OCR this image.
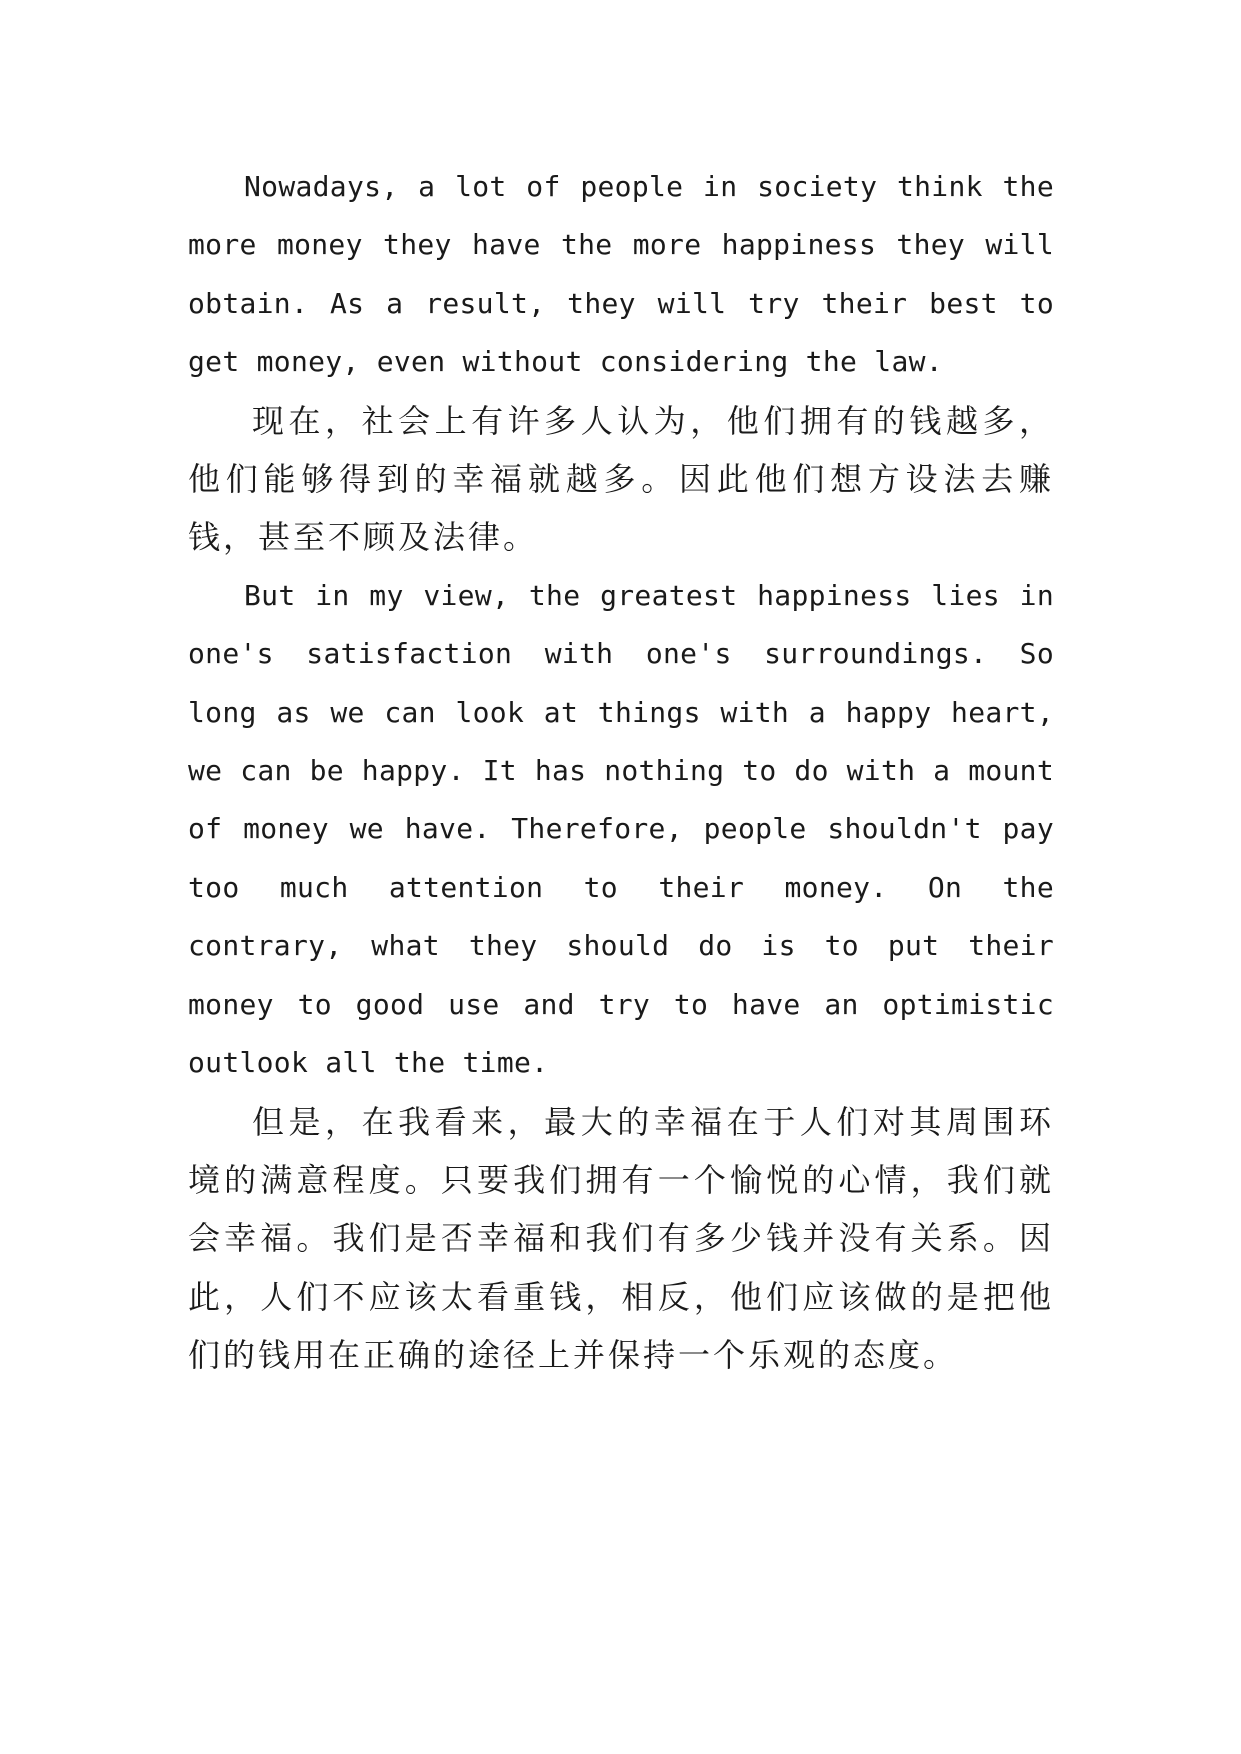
Nowadays, a lot of people in society think the more money they have the more happiness they will obtain. As a result, they will try their best to get money, even without considering the law.

现在，社会上有许多人认为，他们拥有的钱越多，他们能够得到的幸福就越多。因此他们想方设法去赚钱，甚至不顾及法律。

But in my view, the greatest happiness lies in one's satisfaction with one's surroundings. So long as we can look at things with a happy heart, we can be happy. It has nothing to do with a mount of money we have. Therefore, people shouldn't pay too much attention to their money. On the contrary, what they should do is to put their money to good use and try to have an optimistic outlook all the time.

但是，在我看来，最大的幸福在于人们对其周围环境的满意程度。只要我们拥有一个愉悦的心情，我们就会幸福。我们是否幸福和我们有多少钱并没有关系。因此，人们不应该太看重钱，相反，他们应该做的是把他们的钱用在正确的途径上并保持一个乐观的态度。
